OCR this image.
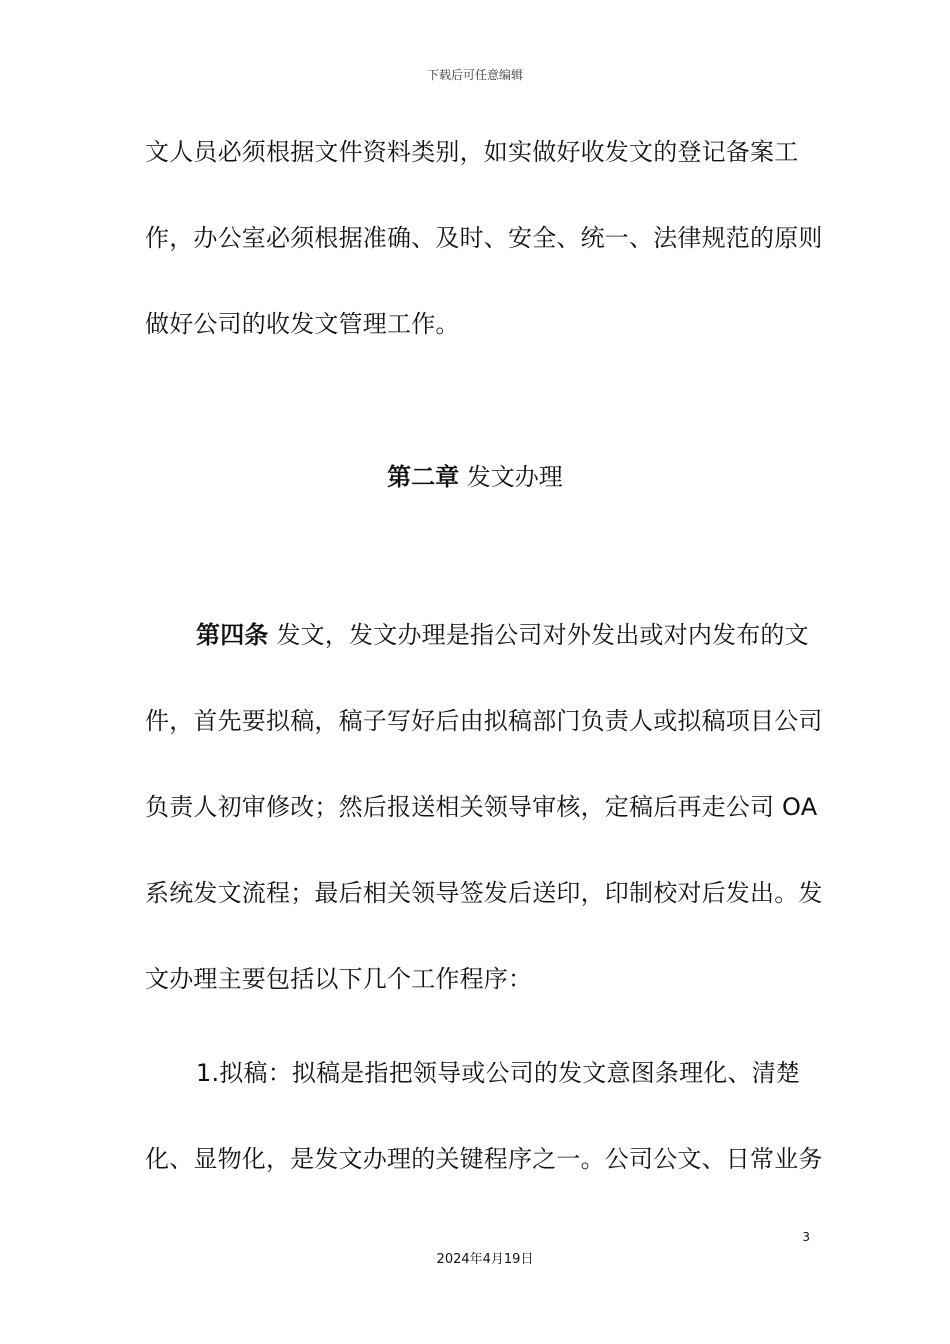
下载后可任意编辑
文人员必须根据文件资料类别，如实做好收发文的登记备案工
作，办公室必须根据准确、及时、安全、统一、法律规范的原则
做好公司的收发文管理工作。
第二章 发文办理
第四条 发文，发文办理是指公司对外发出或对内发布的文
件，首先要拟稿，稿子写好后由拟稿部门负责人或拟稿项目公司
负责人初审修改；然后报送相关领导审核，定稿后再走公司 OA
系统发文流程；最后相关领导签发后送印，印制校对后发出。发
文办理主要包括以下几个工作程序：
1.拟稿：拟稿是指把领导或公司的发文意图条理化、清楚
化、显物化，是发文办理的关键程序之一。公司公文、日常业务
3
2024年4月19日
